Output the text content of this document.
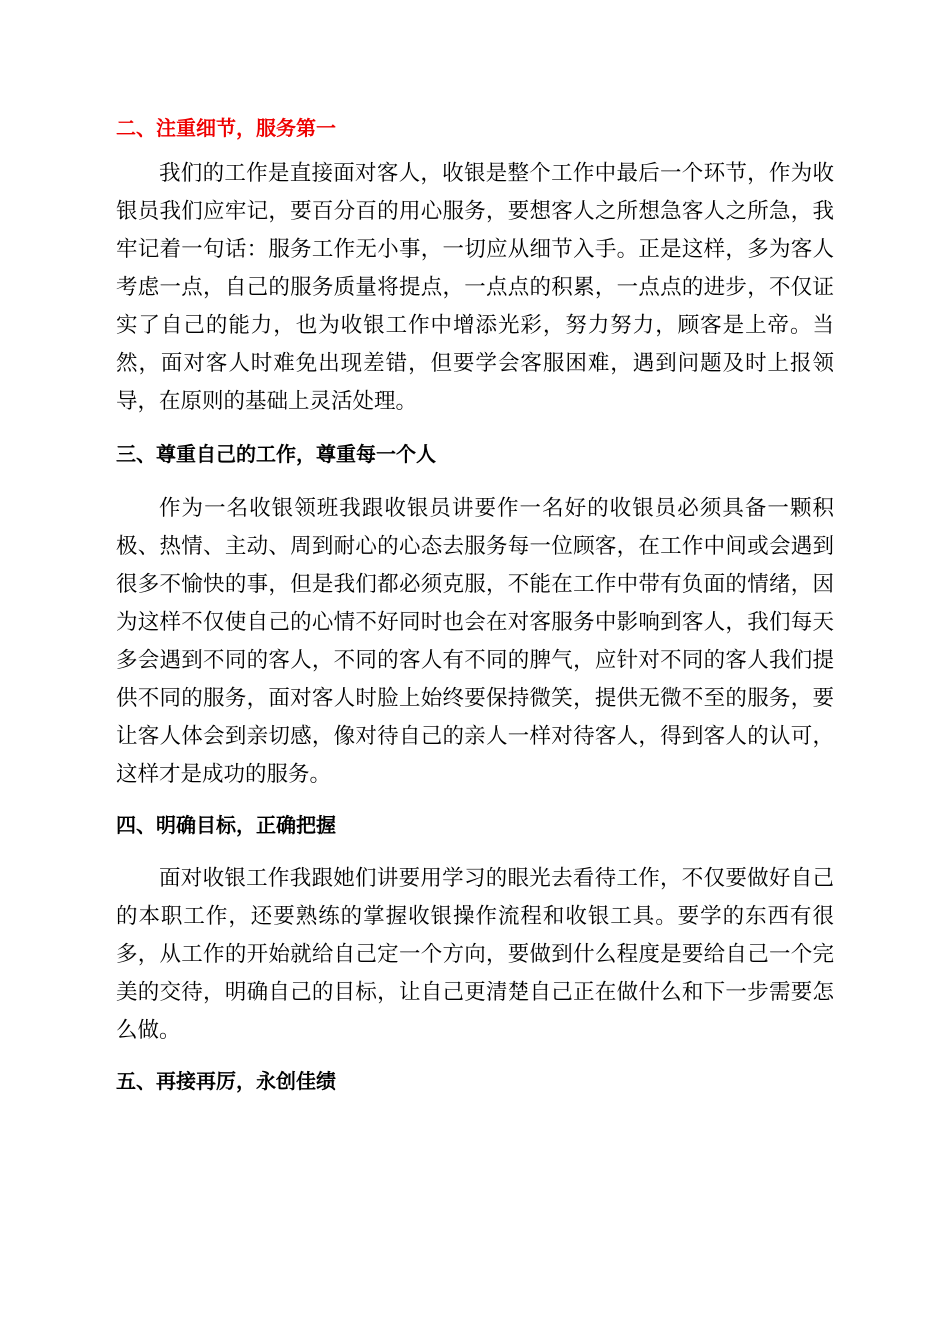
二、注重细节，服务第一

我们的工作是直接面对客人，收银是整个工作中最后一个环节，作为收银员我们应牢记，要百分百的用心服务，要想客人之所想急客人之所急，我牢记着一句话：服务工作无小事，一切应从细节入手。正是这样，多为客人考虑一点，自己的服务质量将提点，一点点的积累，一点点的进步，不仅证实了自己的能力，也为收银工作中增添光彩，努力努力，顾客是上帝。当然，面对客人时难免出现差错，但要学会客服困难，遇到问题及时上报领导，在原则的基础上灵活处理。

三、尊重自己的工作，尊重每一个人

作为一名收银领班我跟收银员讲要作一名好的收银员必须具备一颗积极、热情、主动、周到耐心的心态去服务每一位顾客，在工作中间或会遇到很多不愉快的事，但是我们都必须克服，不能在工作中带有负面的情绪，因为这样不仅使自己的心情不好同时也会在对客服务中影响到客人，我们每天多会遇到不同的客人，不同的客人有不同的脾气，应针对不同的客人我们提供不同的服务，面对客人时脸上始终要保持微笑，提供无微不至的服务，要让客人体会到亲切感，像对待自己的亲人一样对待客人，得到客人的认可，这样才是成功的服务。

四、明确目标，正确把握

面对收银工作我跟她们讲要用学习的眼光去看待工作，不仅要做好自己的本职工作，还要熟练的掌握收银操作流程和收银工具。要学的东西有很多，从工作的开始就给自己定一个方向，要做到什么程度是要给自己一个完美的交待，明确自己的目标，让自己更清楚自己正在做什么和下一步需要怎么做。

五、再接再厉，永创佳绩
